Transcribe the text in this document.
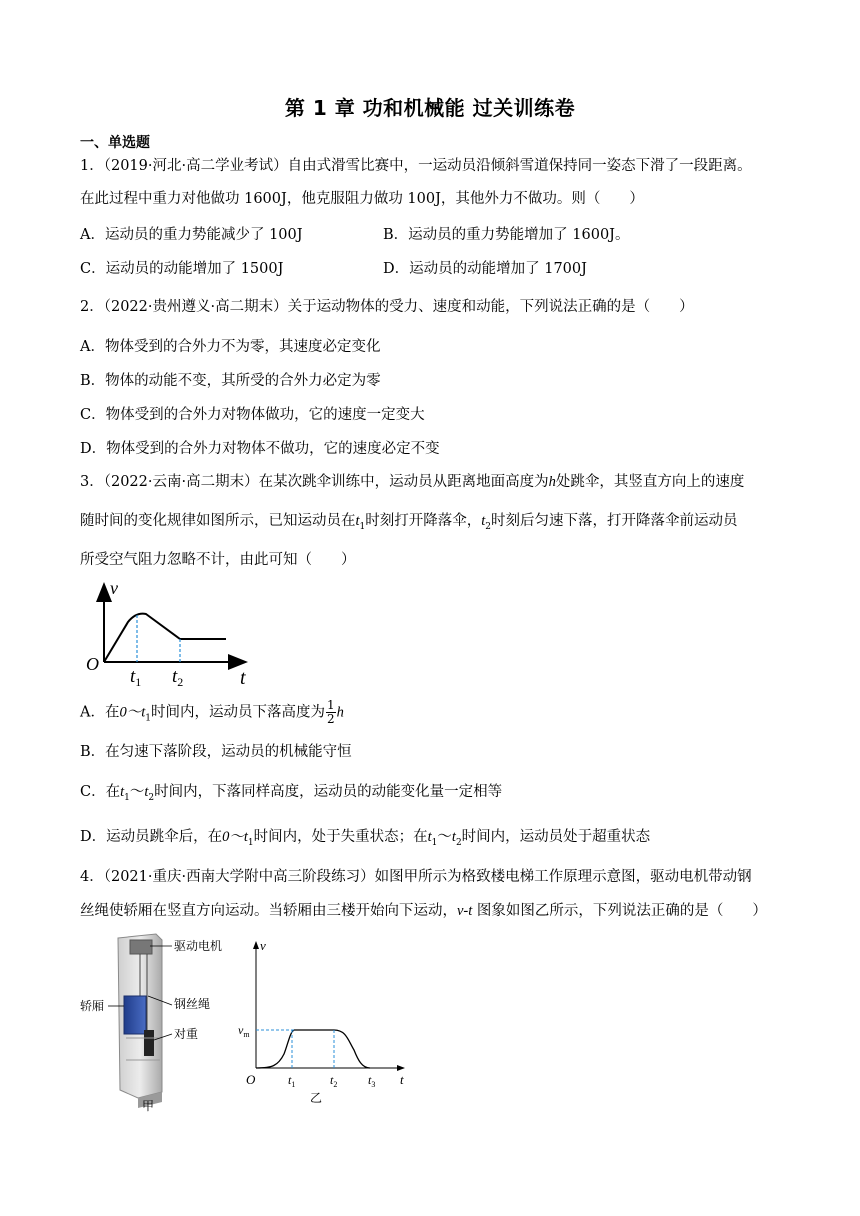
第 1 章 功和机械能 过关训练卷
一、单选题
1．（2019·河北·高二学业考试）自由式滑雪比赛中，一运动员沿倾斜雪道保持同一姿态下滑了一段距离。
在此过程中重力对他做功 1600J，他克服阻力做功 100J，其他外力不做功。则（　　）
A．运动员的重力势能减少了 100J	B．运动员的重力势能增加了 1600J。
C．运动员的动能增加了 1500J	D．运动员的动能增加了 1700J
2．（2022·贵州遵义·高二期末）关于运动物体的受力、速度和动能，下列说法正确的是（　　）
A．物体受到的合外力不为零，其速度必定变化
B．物体的动能不变，其所受的合外力必定为零
C．物体受到的合外力对物体做功，它的速度一定变大
D．物体受到的合外力对物体不做功，它的速度必定不变
3．（2022·云南·高二期末）在某次跳伞训练中，运动员从距离地面高度为h处跳伞，其竖直方向上的速度
随时间的变化规律如图所示，已知运动员在$t_1$时刻打开降落伞，$t_2$时刻后匀速下落，打开降落伞前运动员
所受空气阻力忽略不计，由此可知（　　）
v
t
O
$t_1$ $t_2$
A．在$0\sim t_1$时间内，运动员下落高度为 $\frac{1}{2}$ h
B．在匀速下落阶段，运动员的机械能守恒
C．在$t_1\sim t_2$时间内，下落同样高度，运动员的动能变化量一定相等
D．运动员跳伞后，在$0\sim t_1$时间内，处于失重状态；在$t_1\sim t_2$时间内，运动员处于超重状态
4．（2021·重庆·西南大学附中高三阶段练习）如图甲所示为格致楼电梯工作原理示意图，驱动电机带动钢
丝绳使轿厢在竖直方向运动。当轿厢由三楼开始向下运动，v-t 图象如图乙所示，下列说法正确的是（　　）
驱动电机
钢丝绳
轿厢
对重
甲
v
t
O
$v_m$
$t_1$	$t_2$	$t_3$
乙
